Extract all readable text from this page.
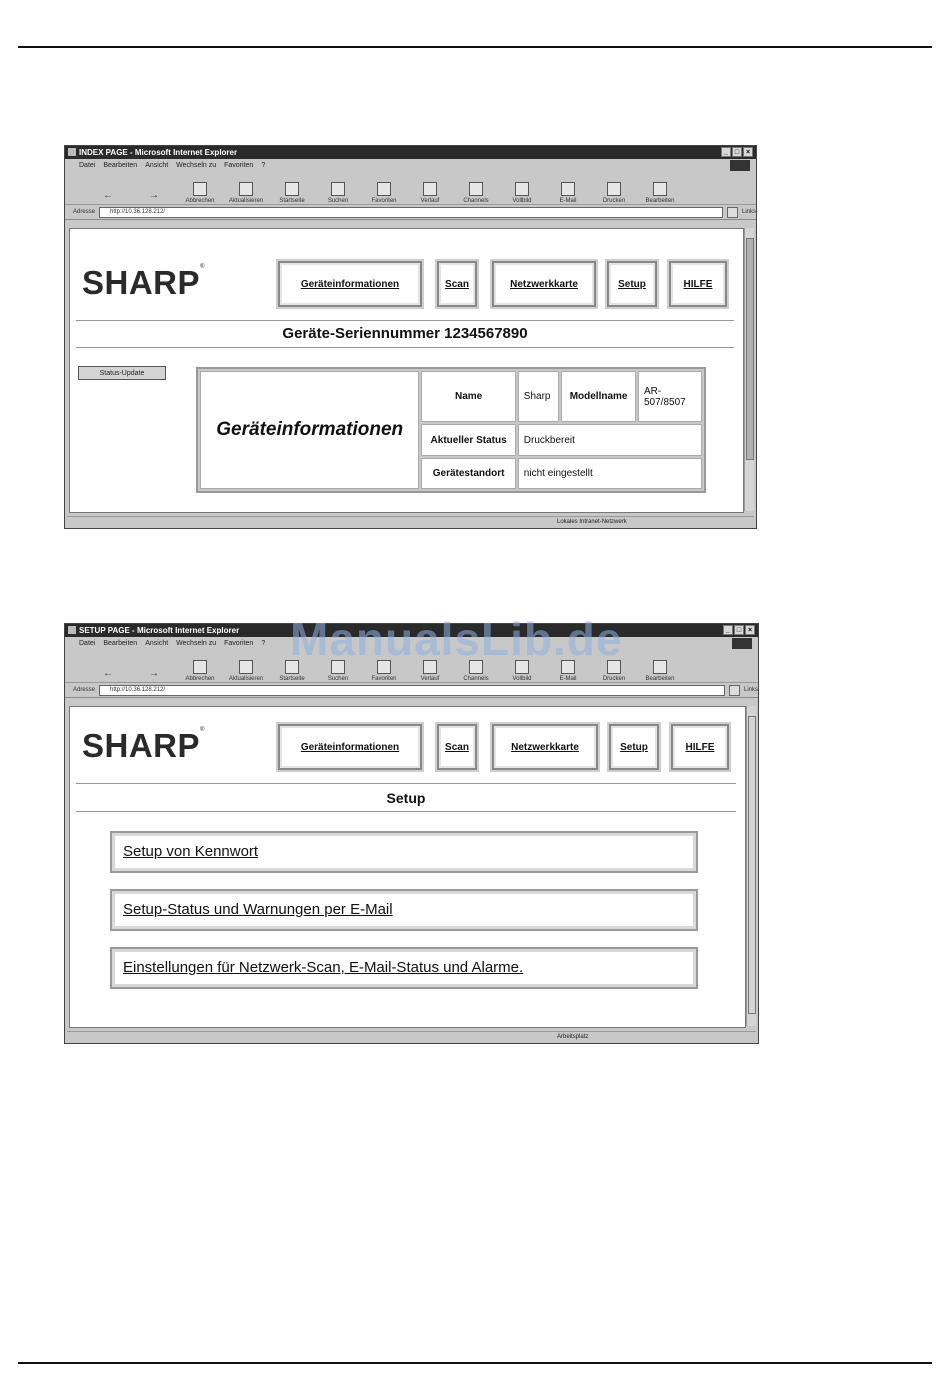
INDEX PAGE - Microsoft Internet Explorer	_ □ ×
Datei Bearbeiten Ansicht Wechseln zu Favoriten ?
←	→	Abbrechen	Aktualisieren	Startseite	Suchen	Favoriten	Verlauf	Channels	Vollbild	E-Mail	Drucken	Bearbeiten
Adresse	http://10.36.128.212/	Links
SHARP®
Geräteinformationen	Scan	Netzwerkkarte	Setup	HILFE
Geräte-Seriennummer 1234567890
Status-Update
Geräteinformationen	Name	Sharp	Modellname	AR-507/8507
	Aktueller Status	Druckbereit		
	Gerätestandort	nicht eingestellt		
Lokales Intranet-Netzwerk
SETUP PAGE - Microsoft Internet Explorer	_ □ ×
Datei Bearbeiten Ansicht Wechseln zu Favoriten ?
←	→	Abbrechen	Aktualisieren	Startseite	Suchen	Favoriten	Verlauf	Channels	Vollbild	E-Mail	Drucken	Bearbeiten
Adresse	http://10.36.128.212/	Links
SHARP®
Geräteinformationen	Scan	Netzwerkkarte	Setup	HILFE
Setup
Setup von Kennwort
Setup-Status und Warnungen per E-Mail
Einstellungen für Netzwerk-Scan, E-Mail-Status und Alarme.
Arbeitsplatz
ManualsLib.de
